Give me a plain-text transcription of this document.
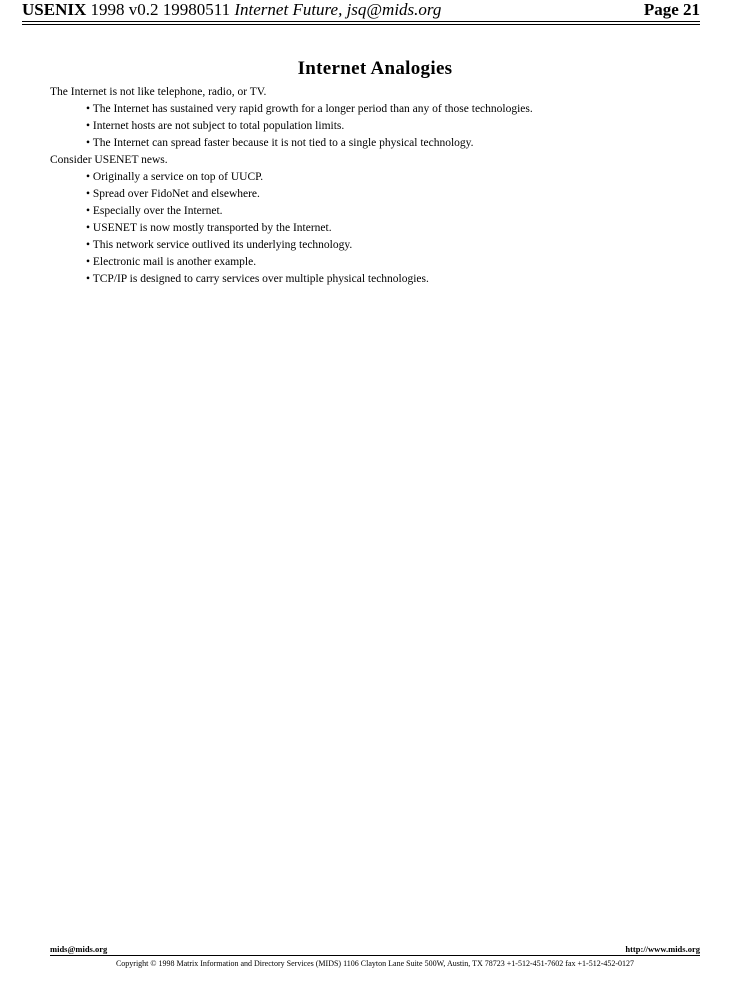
USENIX 1998 v0.2 19980511 Internet Future, jsq@mids.org	Page 21
Internet Analogies
The Internet is not like telephone, radio, or TV.
• The Internet has sustained very rapid growth for a longer period than any of those technologies.
• Internet hosts are not subject to total population limits.
• The Internet can spread faster because it is not tied to a single physical technology.
Consider USENET news.
• Originally a service on top of UUCP.
• Spread over FidoNet and elsewhere.
• Especially over the Internet.
• USENET is now mostly transported by the Internet.
• This network service outlived its underlying technology.
• Electronic mail is another example.
• TCP/IP is designed to carry services over multiple physical technologies.
mids@mids.org	http://www.mids.org
Copyright © 1998 Matrix Information and Directory Services (MIDS) 1106 Clayton Lane Suite 500W, Austin, TX 78723 +1-512-451-7602 fax +1-512-452-0127
